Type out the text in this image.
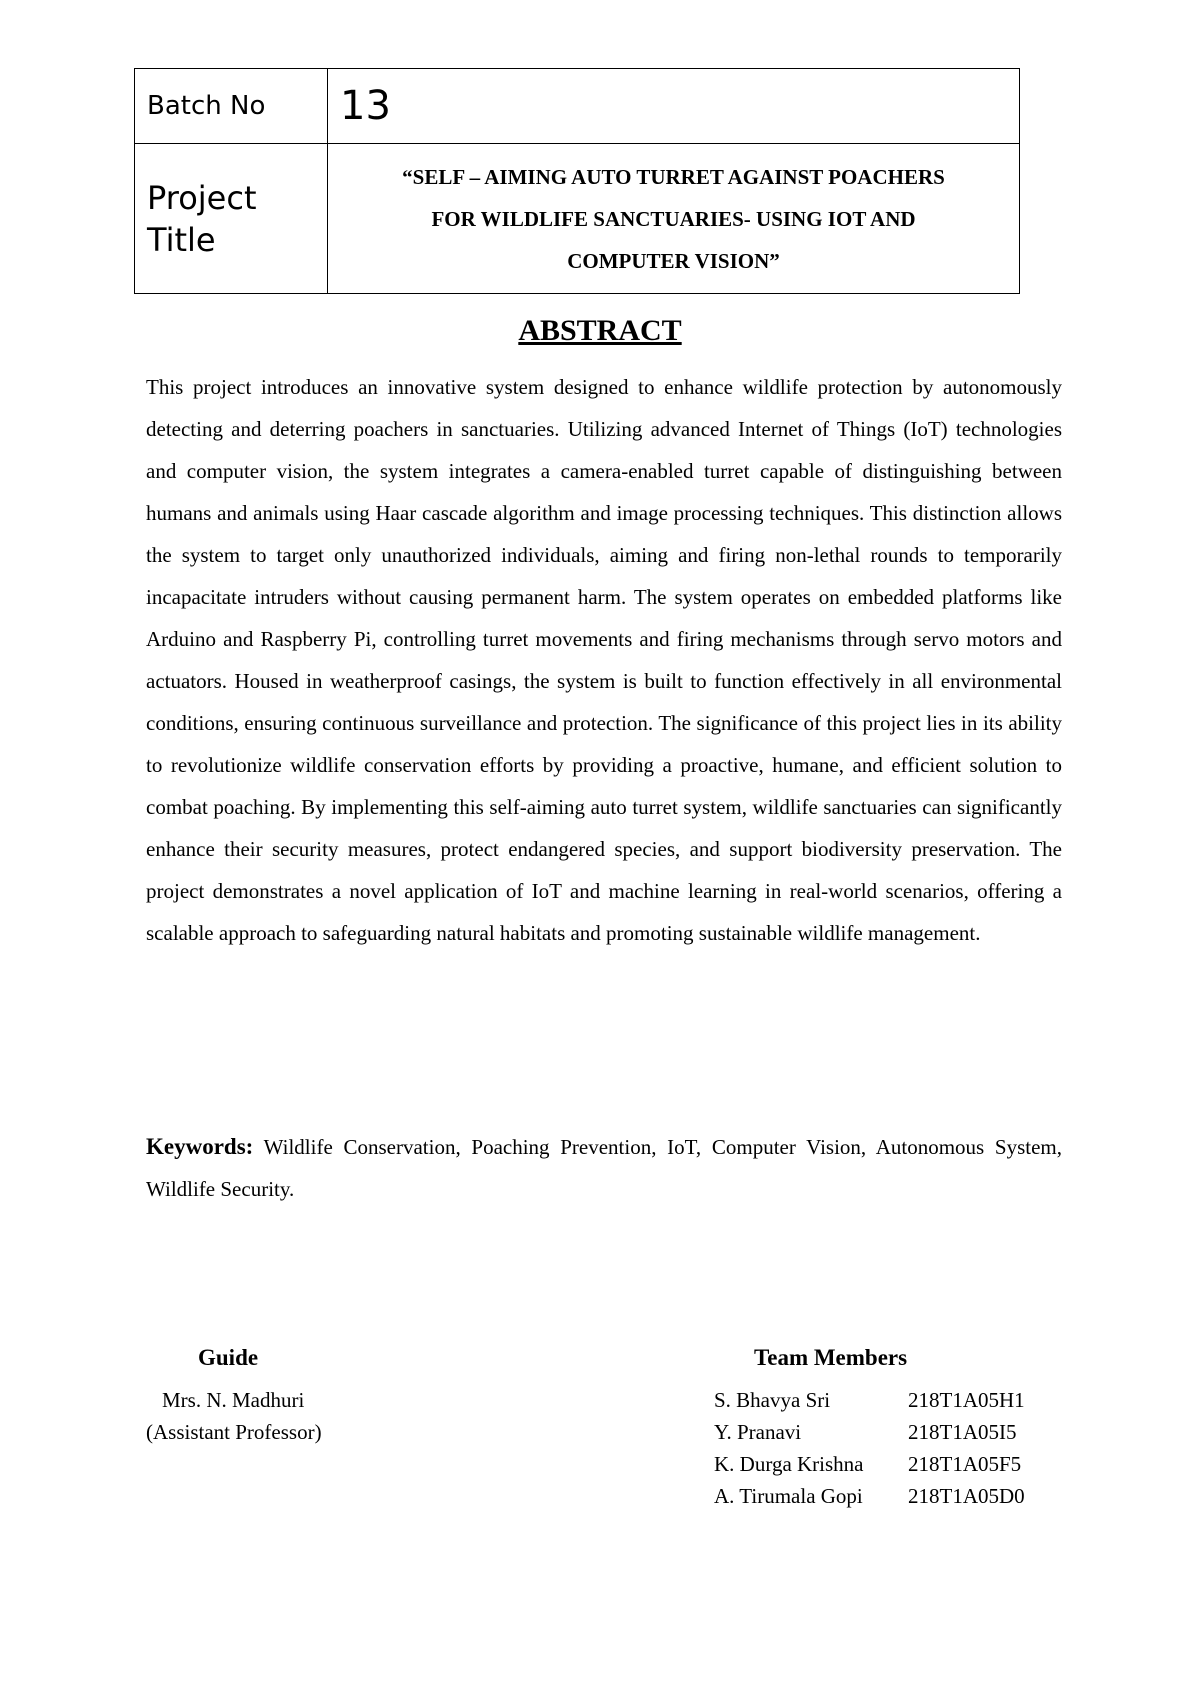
Batch No	13
Project
Title	“SELF – AIMING AUTO TURRET AGAINST POACHERS
FOR WILDLIFE SANCTUARIES- USING IOT AND
COMPUTER VISION”
ABSTRACT

This project introduces an innovative system designed to enhance wildlife protection by autonomously detecting and deterring poachers in sanctuaries. Utilizing advanced Internet of Things (IoT) technologies and computer vision, the system integrates a camera-enabled turret capable of distinguishing between humans and animals using Haar cascade algorithm and image processing techniques. This distinction allows the system to target only unauthorized individuals, aiming and firing non-lethal rounds to temporarily incapacitate intruders without causing permanent harm. The system operates on embedded platforms like Arduino and Raspberry Pi, controlling turret movements and firing mechanisms through servo motors and actuators. Housed in weatherproof casings, the system is built to function effectively in all environmental conditions, ensuring continuous surveillance and protection. The significance of this project lies in its ability to revolutionize wildlife conservation efforts by providing a proactive, humane, and efficient solution to combat poaching. By implementing this self-aiming auto turret system, wildlife sanctuaries can significantly enhance their security measures, protect endangered species, and support biodiversity preservation. The project demonstrates a novel application of IoT and machine learning in real-world scenarios, offering a scalable approach to safeguarding natural habitats and promoting sustainable wildlife management.

Keywords: Wildlife Conservation, Poaching Prevention, IoT, Computer Vision, Autonomous System, Wildlife Security.

Guide
Mrs. N. Madhuri
(Assistant Professor)
Team Members
S. Bhavya Sri	218T1A05H1
Y. Pranavi	218T1A05I5
K. Durga Krishna	218T1A05F5
A. Tirumala Gopi	218T1A05D0
